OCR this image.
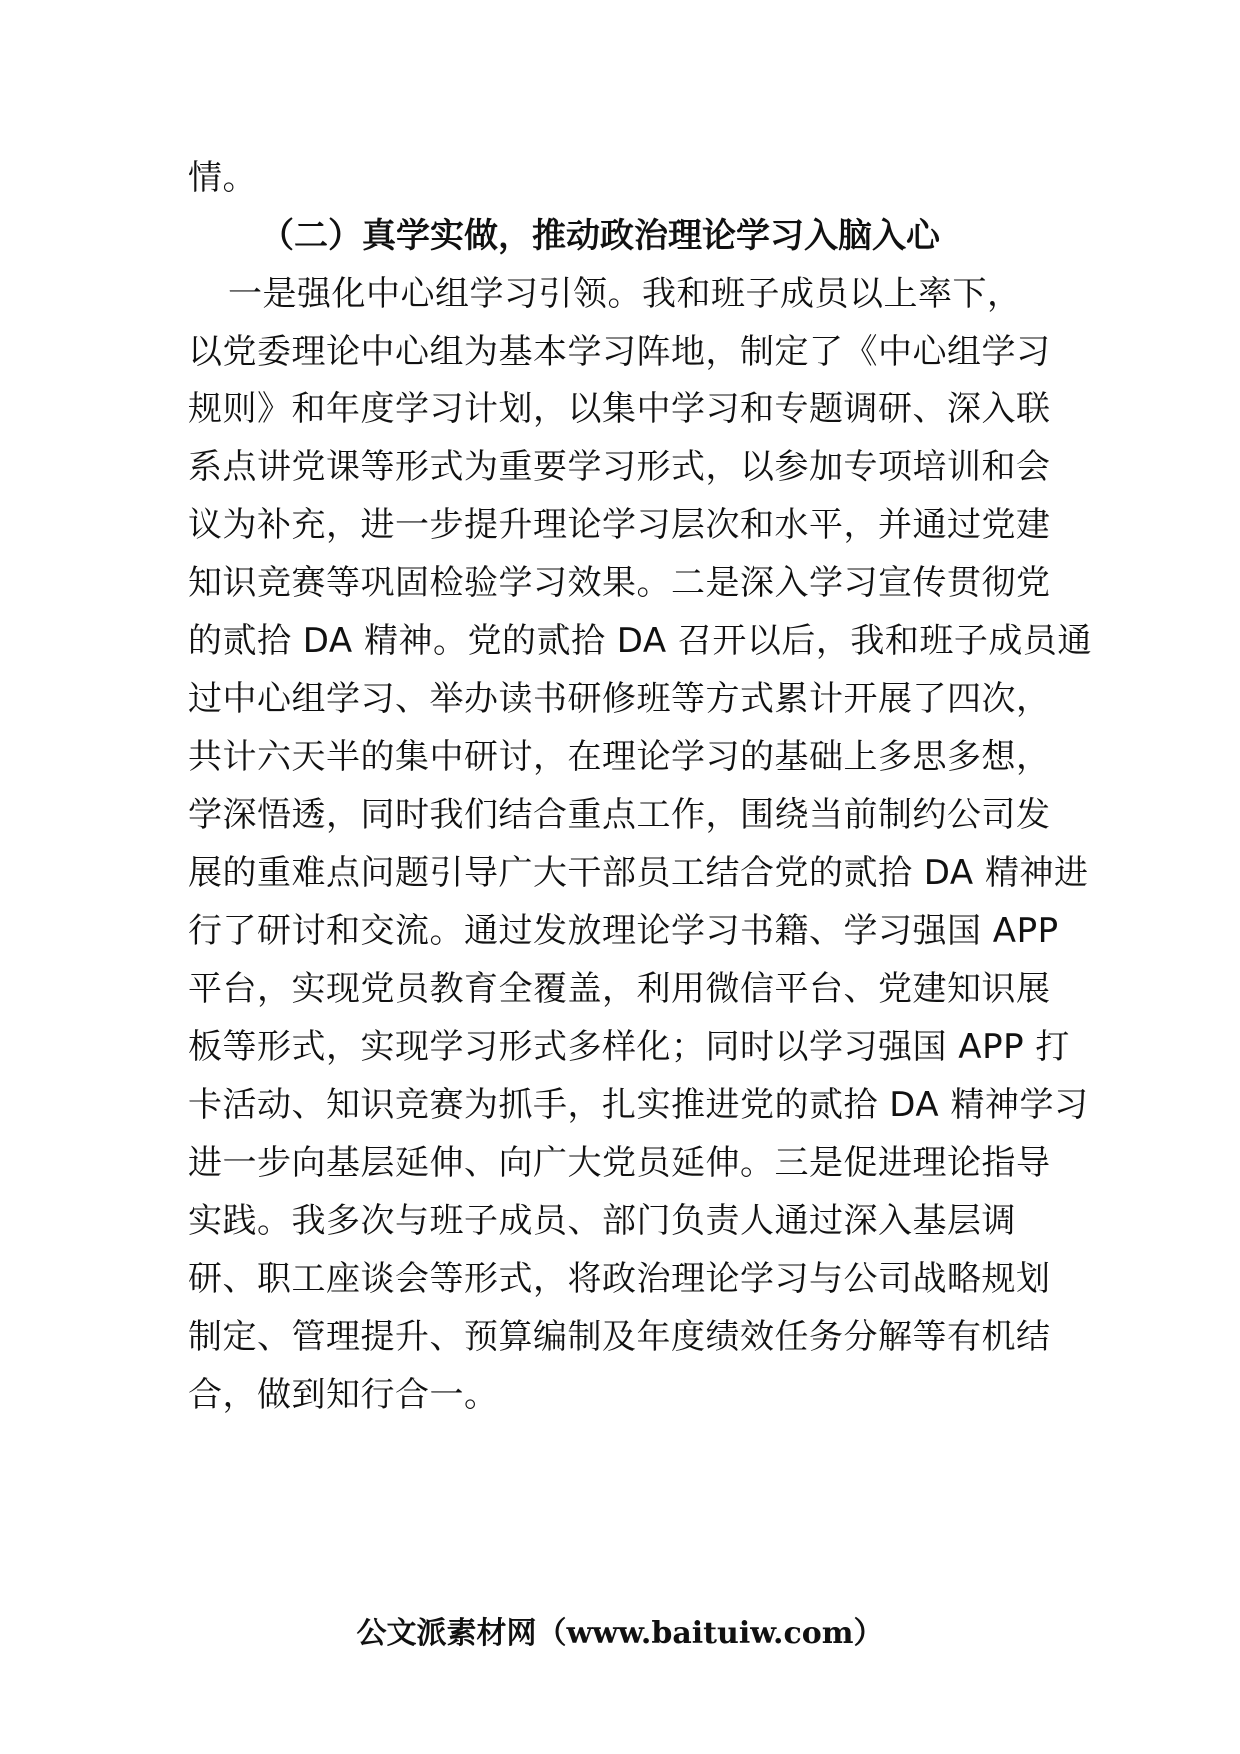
情。
（二）真学实做，推动政治理论学习入脑入心
一是强化中心组学习引领。我和班子成员以上率下，
以党委理论中心组为基本学习阵地，制定了《中心组学习
规则》和年度学习计划，以集中学习和专题调研、深入联
系点讲党课等形式为重要学习形式，以参加专项培训和会
议为补充，进一步提升理论学习层次和水平，并通过党建
知识竞赛等巩固检验学习效果。二是深入学习宣传贯彻党
的贰拾 DA 精神。党的贰拾 DA 召开以后，我和班子成员通
过中心组学习、举办读书研修班等方式累计开展了四次，
共计六天半的集中研讨，在理论学习的基础上多思多想，
学深悟透，同时我们结合重点工作，围绕当前制约公司发
展的重难点问题引导广大干部员工结合党的贰拾 DA 精神进
行了研讨和交流。通过发放理论学习书籍、学习强国 APP
平台，实现党员教育全覆盖，利用微信平台、党建知识展
板等形式，实现学习形式多样化；同时以学习强国 APP 打
卡活动、知识竞赛为抓手，扎实推进党的贰拾 DA 精神学习
进一步向基层延伸、向广大党员延伸。三是促进理论指导
实践。我多次与班子成员、部门负责人通过深入基层调
研、职工座谈会等形式，将政治理论学习与公司战略规划
制定、管理提升、预算编制及年度绩效任务分解等有机结
合，做到知行合一。
公文派素材网（www.baituiw.com）
